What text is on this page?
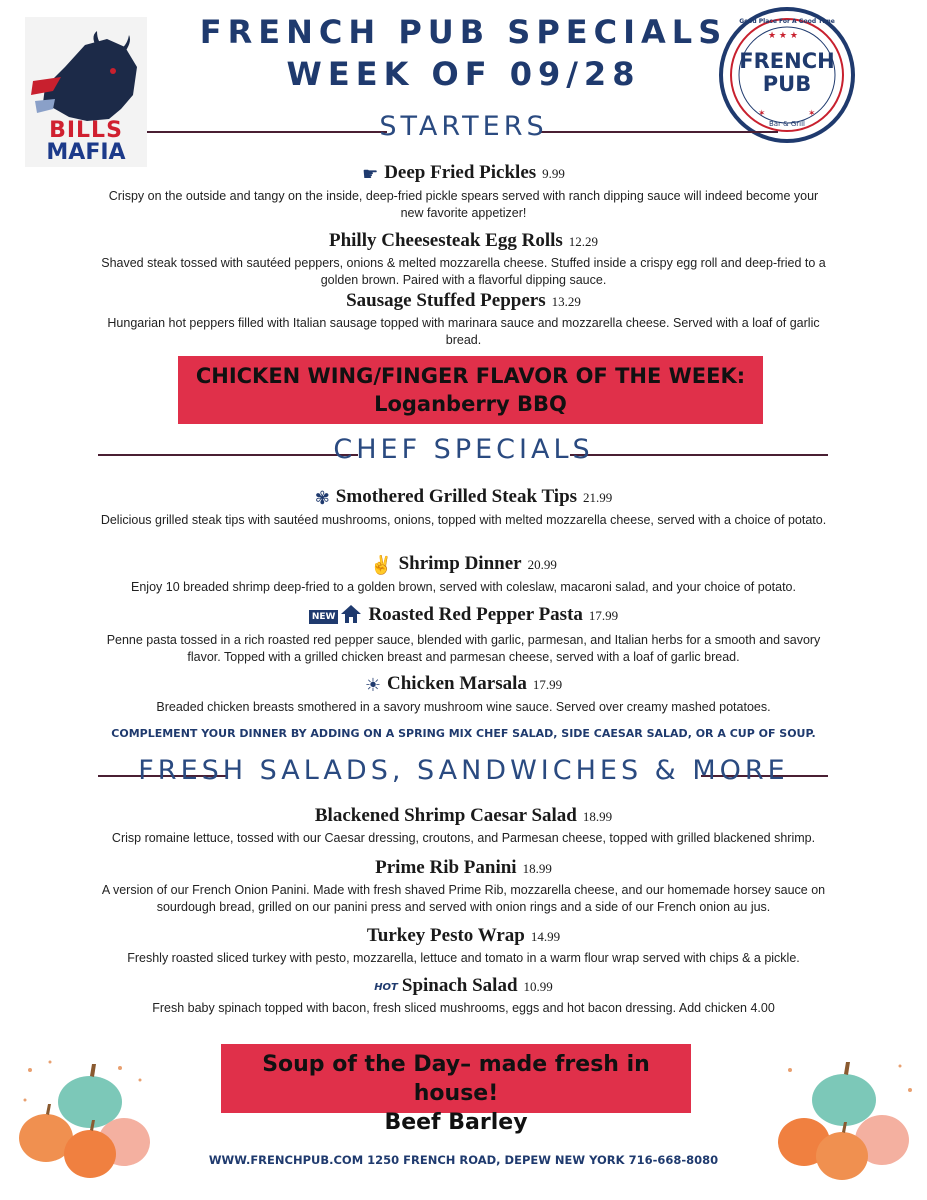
BILLS
MAFIA
FRENCH PUB SPECIALS
WEEK OF 09/28
★ ★ ★
✶	✶
Good Place For A Good Time
FRENCH
PUB
Bar & Grill
STARTERS
☛ Deep Fried Pickles 9.99
Crispy on the outside and tangy on the inside, deep-fried pickle spears served with ranch dipping sauce will indeed become your new favorite appetizer!
Philly Cheesesteak Egg Rolls 12.29
Shaved steak tossed with sautéed peppers, onions & melted mozzarella cheese. Stuffed inside a crispy egg roll and deep-fried to a golden brown. Paired with a flavorful dipping sauce.
Sausage Stuffed Peppers 13.29
Hungarian hot peppers filled with Italian sausage topped with marinara sauce and mozzarella cheese. Served with a loaf of garlic bread.
CHICKEN WING/FINGER FLAVOR OF THE WEEK:
Loganberry BBQ
CHEF SPECIALS
✾ Smothered Grilled Steak Tips 21.99
Delicious grilled steak tips with sautéed mushrooms, onions, topped with melted mozzarella cheese, served with a choice of potato.
✌ Shrimp Dinner 20.99
Enjoy 10 breaded shrimp deep-fried to a golden brown, served with coleslaw, macaroni salad, and your choice of potato.
NEW Roasted Red Pepper Pasta 17.99
Penne pasta tossed in a rich roasted red pepper sauce, blended with garlic, parmesan, and Italian herbs for a smooth and savory flavor. Topped with a grilled chicken breast and parmesan cheese, served with a loaf of garlic bread.
☀ Chicken Marsala 17.99
Breaded chicken breasts smothered in a savory mushroom wine sauce. Served over creamy mashed potatoes.
COMPLEMENT YOUR DINNER BY ADDING ON A SPRING MIX CHEF SALAD, SIDE CAESAR SALAD, OR A CUP OF SOUP.
FRESH SALADS, SANDWICHES & MORE
Blackened Shrimp Caesar Salad 18.99
Crisp romaine lettuce, tossed with our Caesar dressing, croutons, and Parmesan cheese, topped with grilled blackened shrimp.
Prime Rib Panini 18.99
A version of our French Onion Panini. Made with fresh shaved Prime Rib, mozzarella cheese, and our homemade horsey sauce on sourdough bread, grilled on our panini press and served with onion rings and a side of our French onion au jus.
Turkey Pesto Wrap 14.99
Freshly roasted sliced turkey with pesto, mozzarella, lettuce and tomato in a warm flour wrap served with chips & a pickle.
HOT Spinach Salad 10.99
Fresh baby spinach topped with bacon, fresh sliced mushrooms, eggs and hot bacon dressing. Add chicken 4.00
Soup of the Day– made fresh in house!
Beef Barley
WWW.FRENCHPUB.COM 1250 FRENCH ROAD, DEPEW NEW YORK 716-668-8080
